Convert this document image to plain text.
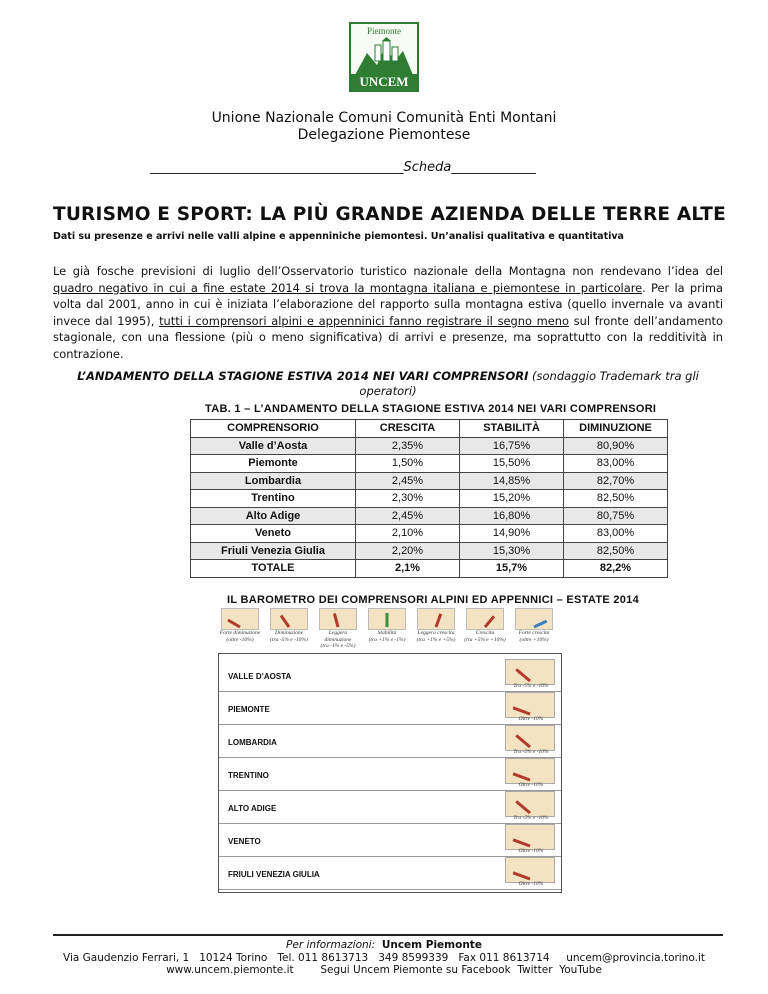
Piemonte
UNCEM
Unione Nazionale Comuni Comunità Enti Montani
Delegazione Piemontese
_______________________________________Scheda_____________
TURISMO E SPORT: LA PIÙ GRANDE AZIENDA DELLE TERRE ALTE
Dati su presenze e arrivi nelle valli alpine e appenniniche piemontesi. Un’analisi qualitativa e quantitativa
Le già fosche previsioni di luglio dell’Osservatorio turistico nazionale della Montagna non rendevano l’idea del quadro negativo in cui a fine estate 2014 si trova la montagna italiana e piemontese in particolare. Per la prima volta dal 2001, anno in cui è iniziata l’elaborazione del rapporto sulla montagna estiva (quello invernale va avanti invece dal 1995), tutti i comprensori alpini e appenninici fanno registrare il segno meno sul fronte dell’andamento stagionale, con una flessione (più o meno significativa) di arrivi e presenze, ma soprattutto con la redditività in contrazione.
L’ANDAMENTO DELLA STAGIONE ESTIVA 2014 NEI VARI COMPRENSORI (sondaggio Trademark tra gli operatori)
TAB. 1 – L’ANDAMENTO DELLA STAGIONE ESTIVA 2014 NEI VARI COMPRENSORI
COMPRENSORIO	CRESCITA	STABILITÀ	DIMINUZIONE
Valle d’Aosta	2,35%	16,75%	80,90%
Piemonte	1,50%	15,50%	83,00%
Lombardia	2,45%	14,85%	82,70%
Trentino	2,30%	15,20%	82,50%
Alto Adige	2,45%	16,80%	80,75%
Veneto	2,10%	14,90%	83,00%
Friuli Venezia Giulia	2,20%	15,30%	82,50%
TOTALE	2,1%	15,7%	82,2%
IL BAROMETRO DEI COMPRENSORI ALPINI ED APPENNICI – ESTATE 2014
Forte diminuzione
(oltre -10%)
Diminuzione
(tra -5% e -10%)
Leggera diminuzione
(tra -1% e -5%)
Stabilità
(tra +1% e -1%)
Leggera crescita
(tra +1% e +5%)
Crescita
(tra +5% e +10%)
Forte crescita
(oltre +10%)
VALLE D’AOSTA
Tra -5% e -10%
PIEMONTE
Oltre -10%
LOMBARDIA
Tra -5% e -10%
TRENTINO
Oltre -10%
ALTO ADIGE
Tra -5% e -10%
VENETO
Oltre -10%
FRIULI VENEZIA GIULIA
Oltre -10%
Per informazioni: Uncem Piemonte
Via Gaudenzio Ferrari, 1   10124 Torino   Tel. 011 8613713   349 8599339   Fax 011 8613714     uncem@provincia.torino.it
www.uncem.piemonte.it        Segui Uncem Piemonte su Facebook  Twitter  YouTube
